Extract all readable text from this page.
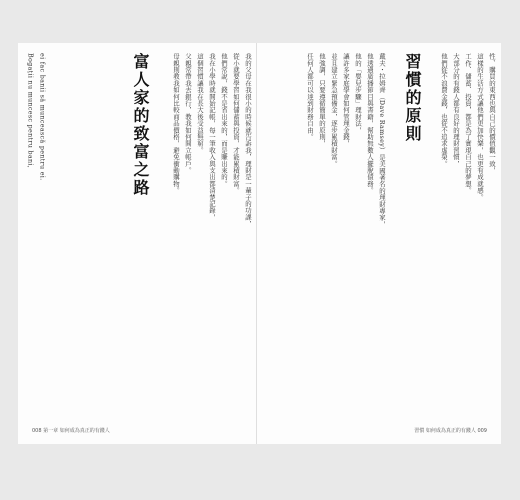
我的父母在我很小的時候就告訴我，理財是一輩子的功課，
從小就要學習如何儲蓄與投資，才能累積財富。
他們常說，錢不是省出來的，而是賺出來的。
我在小學時就開始記帳，每一筆收入與支出都清楚記錄，
這個習慣讓我在長大後受益無窮。
父親常帶我去銀行，教我如何開立帳戶。
母親則教我如何比較商品價格，避免衝動購物。
富人家的致富之路
Bogații nu muncesc pentru bani, ei fac banii să muncească pentru ei.
008 第一章 如何成為真正的有錢人
性、購買的東西也與自己的價值觀一致，
這樣的生活方式讓他們更加快樂，也更有成就感。
工作、儲蓄、投資，都是為了實現自己的夢想。
大部分的有錢人都有良好的理財習慣，
他們從不浪費金錢，也從不追求虛榮。
習慣的原則
戴夫・拉姆齊（Dave Ramsey）是美國著名的理財專家，
他透過廣播節目與書籍，幫助無數人擺脫債務。
他的「嬰兒步驟」理財法，
讓許多家庭學會如何管理金錢，
並且建立緊急預備金，逐步累積財富。
他強調，只要遵循簡單的原則，
任何人都可以達到財務自由。
習慣 如何成為真正的有錢人 009
